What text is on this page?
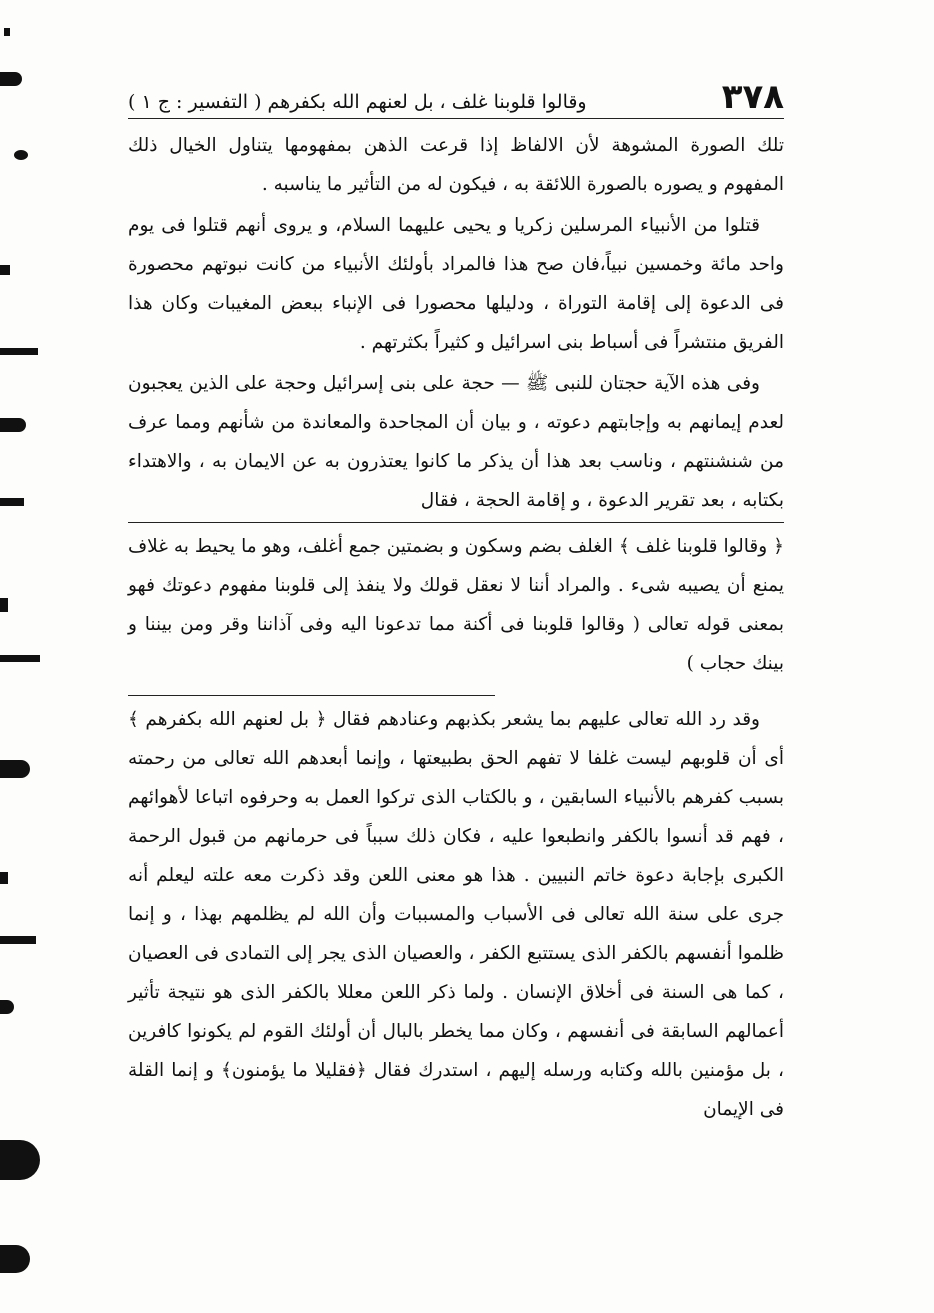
٣٧٨
وقالوا قلوبنا غلف ، بل لعنهم الله بكفرهم ( التفسير : ج ١ )

تلك الصورة المشوهة لأن الالفاظ إذا قرعت الذهن بمفهومها يتناول الخيال ذلك المفهوم و يصوره بالصورة اللائقة به ، فيكون له من التأثير ما يناسبه .

قتلوا من الأنبياء المرسلين زكريا و يحيى عليهما السلام، و يروى أنهم قتلوا فى يوم واحد مائة وخمسين نبياً،فان صح هذا فالمراد بأولئك الأنبياء من كانت نبوتهم محصورة فى الدعوة إلى إقامة التوراة ، ودليلها محصورا فى الإنباء ببعض المغيبات وكان هذا الفريق منتشراً فى أسباط بنى اسرائيل و كثيراً بكثرتهم .

وفى هذه الآية حجتان للنبى ﷺ — حجة على بنى إسرائيل وحجة على الذين يعجبون لعدم إيمانهم به وإجابتهم دعوته ، و بيان أن المجاحدة والمعاندة من شأنهم ومما عرف من شنشنتهم ، وناسب بعد هذا أن يذكر ما كانوا يعتذرون به عن الايمان به ، والاهتداء بكتابه ، بعد تقرير الدعوة ، و إقامة الحجة ، فقال

﴿ وقالوا قلوبنا غلف ﴾ الغلف بضم وسكون و بضمتين جمع أغلف، وهو ما يحيط به غلاف يمنع أن يصيبه شىء . والمراد أننا لا نعقل قولك ولا ينفذ إلى قلوبنا مفهوم دعوتك فهو بمعنى قوله تعالى ( وقالوا قلوبنا فى أكنة مما تدعونا اليه وفى آذاننا وقر ومن بيننا و بينك حجاب )

وقد رد الله تعالى عليهم بما يشعر بكذبهم وعنادهم فقال ﴿ بل لعنهم الله بكفرهم ﴾ أى أن قلوبهم ليست غلفا لا تفهم الحق بطبيعتها ، وإنما أبعدهم الله تعالى من رحمته بسبب كفرهم بالأنبياء السابقين ، و بالكتاب الذى تركوا العمل به وحرفوه اتباعا لأهوائهم ، فهم قد أنسوا بالكفر وانطبعوا عليه ، فكان ذلك سبباً فى حرمانهم من قبول الرحمة الكبرى بإجابة دعوة خاتم النبيين . هذا هو معنى اللعن وقد ذكرت معه علته ليعلم أنه جرى على سنة الله تعالى فى الأسباب والمسببات وأن الله لم يظلمهم بهذا ، و إنما ظلموا أنفسهم بالكفر الذى يستتبع الكفر ، والعصيان الذى يجر إلى التمادى فى العصيان ، كما هى السنة فى أخلاق الإنسان . ولما ذكر اللعن معللا بالكفر الذى هو نتيجة تأثير أعمالهم السابقة فى أنفسهم ، وكان مما يخطر بالبال أن أولئك القوم لم يكونوا كافرين ، بل مؤمنين بالله وكتابه ورسله إليهم ، استدرك فقال ﴿فقليلا ما يؤمنون﴾ و إنما القلة فى الإيمان
